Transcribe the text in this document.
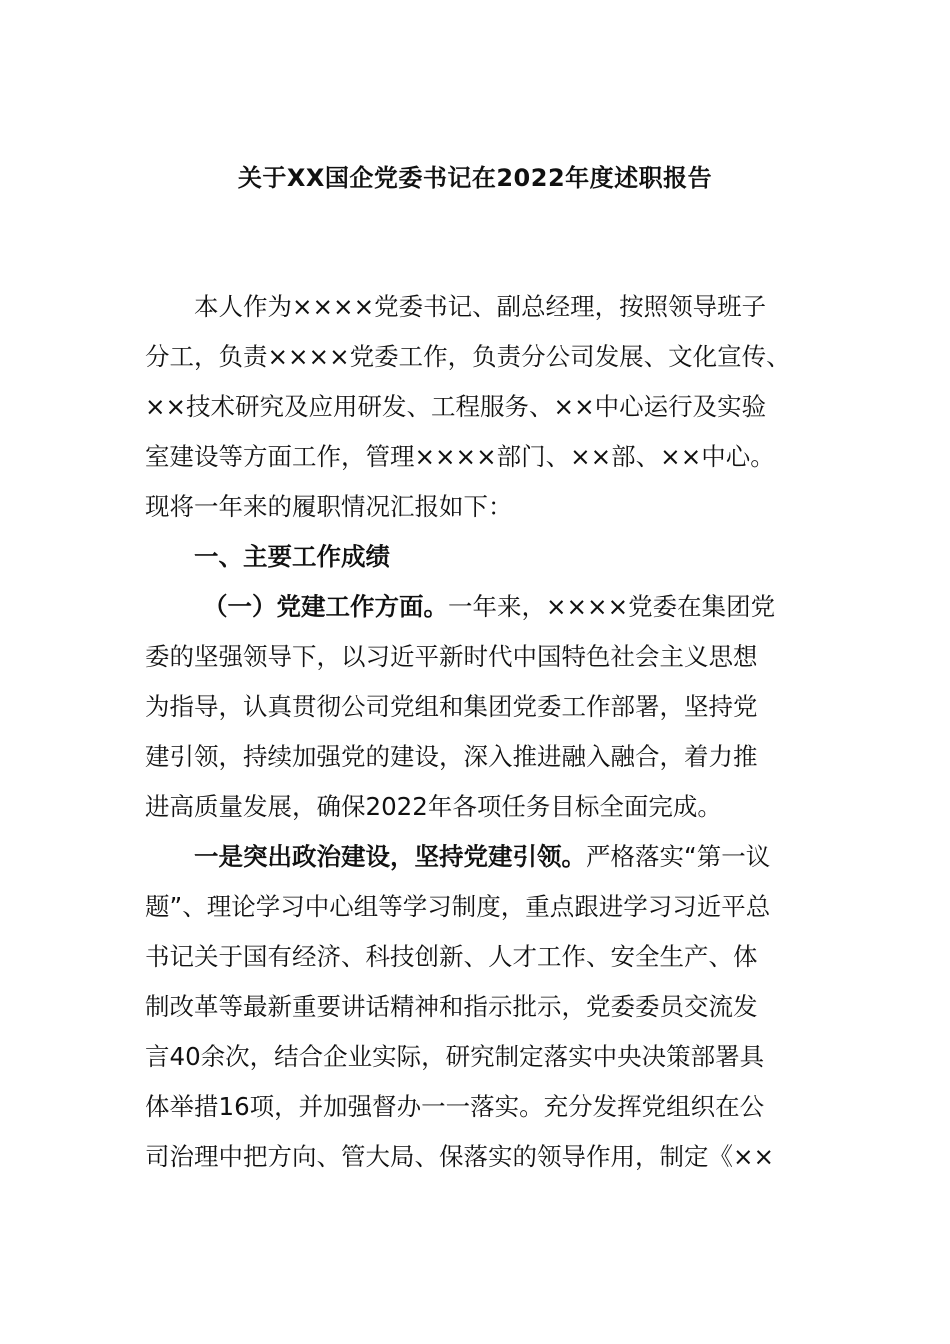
关于XX国企党委书记在2022年度述职报告
本人作为××××党委书记、副总经理，按照领导班子
分工，负责××××党委工作，负责分公司发展、文化宣传、
××技术研究及应用研发、工程服务、××中心运行及实验
室建设等方面工作，管理××××部门、××部、××中心。
现将一年来的履职情况汇报如下：
一、主要工作成绩
（一）党建工作方面。一年来，××××党委在集团党
委的坚强领导下，以习近平新时代中国特色社会主义思想
为指导，认真贯彻公司党组和集团党委工作部署，坚持党
建引领，持续加强党的建设，深入推进融入融合，着力推
进高质量发展，确保2022年各项任务目标全面完成。
一是突出政治建设，坚持党建引领。严格落实“第一议
题”、理论学习中心组等学习制度，重点跟进学习习近平总
书记关于国有经济、科技创新、人才工作、安全生产、体
制改革等最新重要讲话精神和指示批示，党委委员交流发
言40余次，结合企业实际，研究制定落实中央决策部署具
体举措16项，并加强督办一一落实。充分发挥党组织在公
司治理中把方向、管大局、保落实的领导作用，制定《××
